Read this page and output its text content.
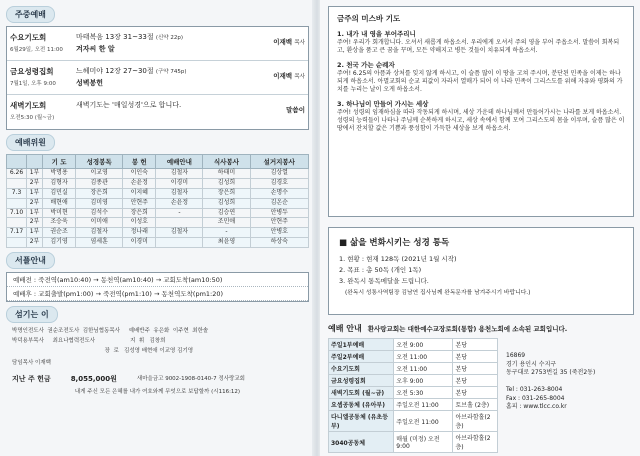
주중예배
수요기도회
6월29일, 오전 11:00
마태복음 13장 31~33절 (신약 22p)
겨자씨 한 알
이재백 목사
금요성령집회
7월1일, 오후 9:00
느헤미야 12장 27~30절 (구약 745p)
성벽봉헌
이재백 목사
새벽기도회
오전5:30 (월~금)
새벽기도는 '매일성경'으로 합니다.
말씀이
예배위원
		기 도	성경봉독	봉 헌	예배안내	식사봉사	설거지봉사
6.26	1부	박명용	이교영	이인숙	김철자	하태미	김상열
	2부	김형자	김종관	손윤정	이경미	김성희	김경호
7.3	1부	김민실	장은희	이지혜	김철자	장은희	손명수
	2부	배현애	김미영	안현주	손윤정	김성희	김온순
7.10	1부	박미현	김석수	장은희	-	김승연	안병두
	2부	조승욱	이미애	이성호		조민애	안현주
7.17	1부	권순조	김철자	정나래	김철자	-	안병호
	2부	김기영	염세훈	이경미		최윤영	하상숙
서플안내
예배전 : 죽전역(am10:40) → 동천역(am10:40) → 교회도착(am10:50)
예배후 : 교회출발(pm1:00) → 죽전역(pm1:10) → 동천역도착(pm1:20)
섬기는 이
박명인전도사  권순조전도사  김한님협동목사     예배반주  유은화  이주현  최한솔
박덕용부목사     최요나협력전도사                    지  휘   김창희
장  로   김성영 배현애 이교영 김기영
담임목사 이재백
지난 주 헌금	8,055,000원	새마을금고 9002-1908-0140-7 정사랑교회
내게 주신 모든 은혜를 내가 여호와께 무엇으로 보답할까 (시116:12)
금주의 미스바 기도
1. 내가 내 영을 부어주리니
주여! 우리가 회개합니다. 오셔서 새롭게 하옵소서. 우리에게 오셔서 주의 영을 부어 주옵소서. 말씀이 회복되고, 환상을 품고 큰 꿈을 꾸며, 모든 약해지고 병든 것들이 치유되게 하옵소서.
2. 천국 가는 순례자
주여! 6.25의 아픔과 상처를 잊지 않게 하시고, 이 슬픔 많이 이 땅을 고쳐 주시며, 분단된 민족을 이제는 하나되게 하옵소서. 아멸교회의 순교 피값이 자라서 열매가 되어 이 나라 민족이 그리스도를 위해 자유와 평화의 가치를 누리는 날이 오게 하옵소서.
3. 하나님이 만들어 가시는 세상
주여! 성령의 임재하심을 따라 작동되게 하시며, 세상 가운데 하나님께서 만들어가시는 나라를 보게 하옵소서. 성령의 능력들이 나타나 주님께 순복하게 하시고, 세상 속에서 함께 모여 그리스도의 몸을 이루며, 슬픔 많은 이 땅에서 잔치할 값은 기쁨과 풍성함이 가득한 세상을 보게 하옵소서.
■ 삶을 변화시키는 성경 통독
1. 현황 : 현재 128독 (2021년 1월 시작)
2. 목표 : 총 50독 (개인 1독)
3. 완독시 통독메달을 드립니다.
(완독시 성통사역팀장 김남연 집사님께 완독문자를 남겨주시기 바랍니다.)
예배 안내 환사랑교회는 대한예수교장로회(통합) 용천노회에 소속된 교회입니다.
주일1부예배	오전 9:00	본당
주일2부예배	오전 11:00	본당
수요기도회	오전 11:00	본당
금요성령집회	오후 9:00	본당
새벽기도회 (월~금)	오전 5:30	본당
요셉공동체 (유아부)	주일오전 11:00	토브홀 (2층)
다니엘공동체 (유초등부)	주일오전 11:00	아브라함홀(2층)
3040공동체	매월 (미정) 오전 9:00	아브라함홀(2층)
16869
경기 용인시 수지구
동구대로 2753번길 35 (죽전2동)
Tel : 031-263-8004
Fax : 031-265-8004
홈피 : www.tlcc.co.kr
